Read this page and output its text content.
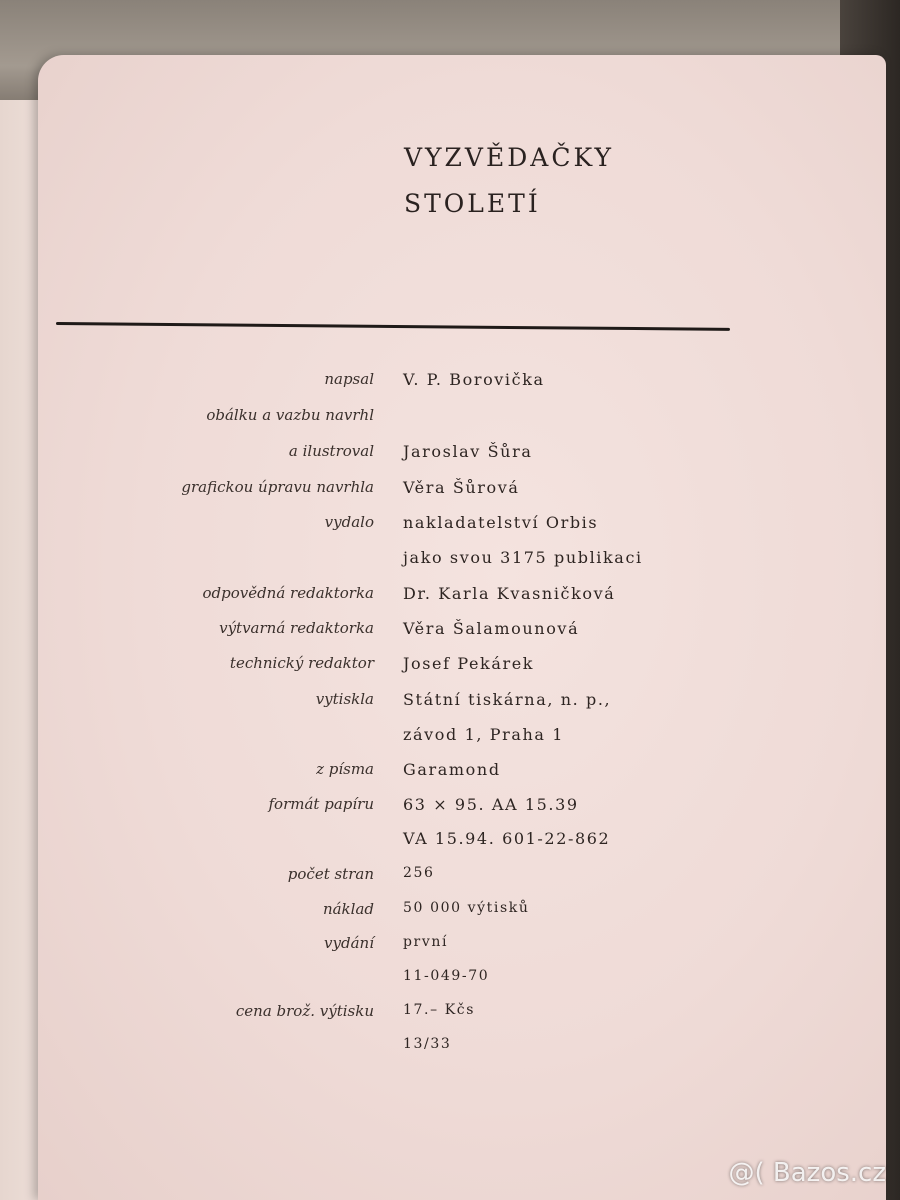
VYZVĚDAČKY
STOLETÍ
napsal V. P. Borovička
obálku a vazbu navrhl
a ilustroval Jaroslav Šůra
grafickou úpravu navrhla Věra Šůrová
vydalo nakladatelství Orbis
jako svou 3175 publikaci
odpovědná redaktorka Dr. Karla Kvasničková
výtvarná redaktorka Věra Šalamounová
technický redaktor Josef Pekárek
vytiskla Státní tiskárna, n. p.,
závod 1, Praha 1
z písma Garamond
formát papíru 63 × 95. AA 15.39
VA 15.94. 601-22-862
počet stran 256
náklad 50 000 výtisků
vydání první
11-049-70
cena brož. výtisku 17.– Kčs
13/33
@( Bazos.cz
